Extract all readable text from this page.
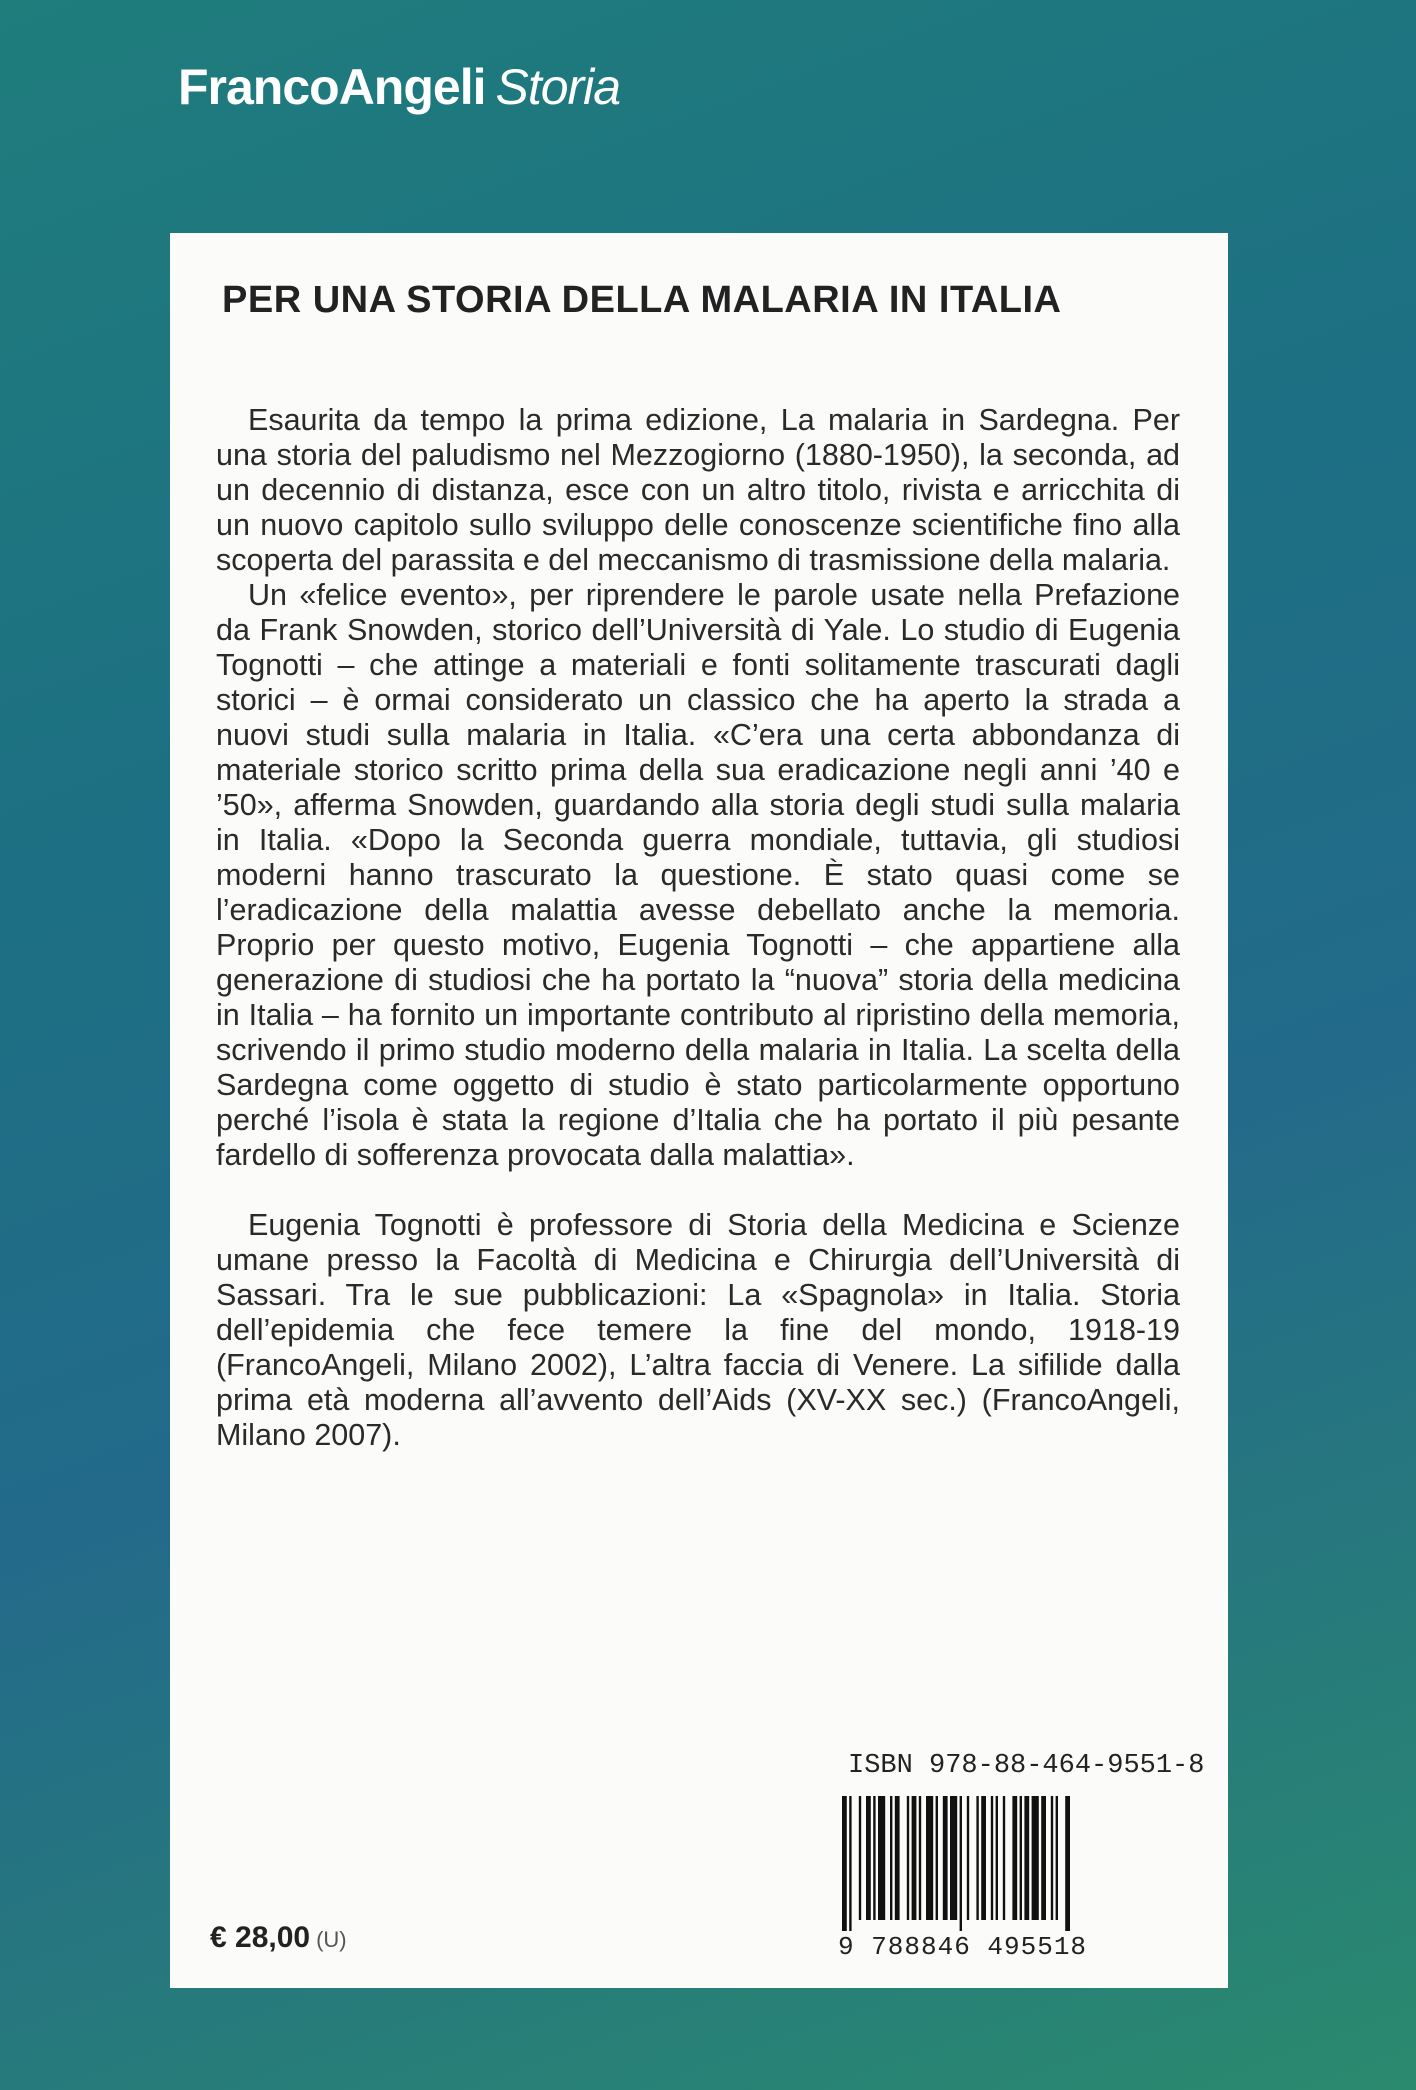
FrancoAngeli Storia
PER UNA STORIA DELLA MALARIA IN ITALIA

Esaurita da tempo la prima edizione, La malaria in Sardegna. Per una storia del paludismo nel Mezzogiorno (1880-1950), la seconda, ad un decennio di distanza, esce con un altro titolo, rivista e arricchita di un nuovo capitolo sullo sviluppo delle conoscenze scientifiche fino alla scoperta del parassita e del meccanismo di trasmissione della malaria.

Un «felice evento», per riprendere le parole usate nella Prefazione da Frank Snowden, storico dell’Università di Yale. Lo studio di Eugenia Tognotti – che attinge a materiali e fonti solitamente trascurati dagli storici – è ormai considerato un classico che ha aperto la strada a nuovi studi sulla malaria in Italia. «C’era una certa abbondanza di materiale storico scritto prima della sua eradicazione negli anni ’40 e ’50», afferma Snowden, guardando alla storia degli studi sulla malaria in Italia. «Dopo la Seconda guerra mondiale, tuttavia, gli studiosi moderni hanno trascurato la questione. È stato quasi come se l’eradicazione della malattia avesse debellato anche la memoria. Proprio per questo motivo, Eugenia Tognotti – che appartiene alla generazione di studiosi che ha portato la “nuova” storia della medicina in Italia – ha fornito un importante contributo al ripristino della memoria, scrivendo il primo studio moderno della malaria in Italia. La scelta della Sardegna come oggetto di studio è stato particolarmente opportuno perché l’isola è stata la regione d’Italia che ha portato il più pesante fardello di sofferenza provocata dalla malattia».

Eugenia Tognotti è professore di Storia della Medicina e Scienze umane presso la Facoltà di Medicina e Chirurgia dell’Università di Sassari. Tra le sue pubblicazioni: La «Spagnola» in Italia. Storia dell’epidemia che fece temere la fine del mondo, 1918-19 (FrancoAngeli, Milano 2002), L’altra faccia di Venere. La sifilide dalla prima età moderna all’avvento dell’Aids (XV-XX sec.) (FrancoAngeli, Milano 2007).

ISBN 978-88-464-9551-8
9 788846 495518
€ 28,00 (U)
